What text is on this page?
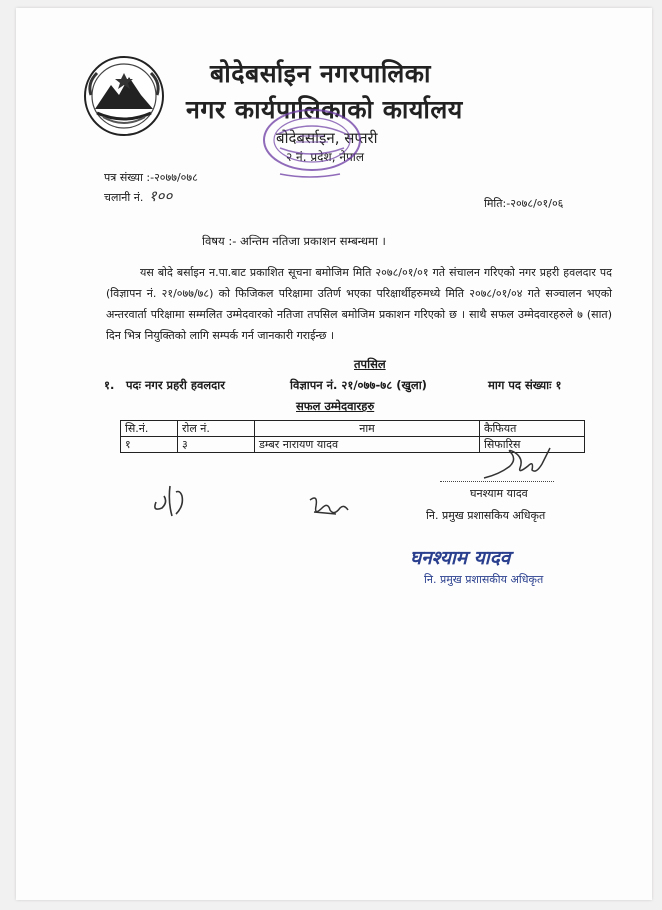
बोदेबर्साइन नगरपालिका
नगर कार्यपालिकाको कार्यालय
बोदेबर्साइन, सप्तरी
२ नं. प्रदेश, नेपाल
पत्र संख्या :-२०७७/०७८
चलानी नं. १००	मिति:-२०७८/०१/०६
विषय :- अन्तिम नतिजा प्रकाशन सम्बन्धमा ।
यस बोदे बर्साइन न.पा.बाट प्रकाशित सूचना बमोजिम मिति २०७८/०१/०१ गते संचालन गरिएको नगर प्रहरी हवलदार पद (विज्ञापन नं. २१/०७७/७८) को फिजिकल परिक्षामा उतिर्ण भएका परिक्षार्थीहरुमध्ये मिति २०७८/०१/०४ गते सञ्चालन भएको अन्तरवार्ता परिक्षामा सम्मलित उम्मेदवारको नतिजा तपसिल बमोजिम प्रकाशन गरिएको छ । साथै सफल उम्मेदवारहरुले ७ (सात) दिन भित्र नियुक्तिको लागि सम्पर्क गर्न जानकारी गराईन्छ ।
तपसिल
१. पदः नगर प्रहरी हवलदार	विज्ञापन नं. २१/०७७-७८ (खुला)	माग पद संख्याः १
सफल उम्मेदवारहरु
सि.नं.	रोल नं.	नाम	कैफियत
१	३	डम्बर नारायण यादव	सिफारिस
घनश्याम यादव
नि. प्रमुख प्रशासकिय अधिकृत
घनश्याम यादव
नि. प्रमुख प्रशासकीय अधिकृत
